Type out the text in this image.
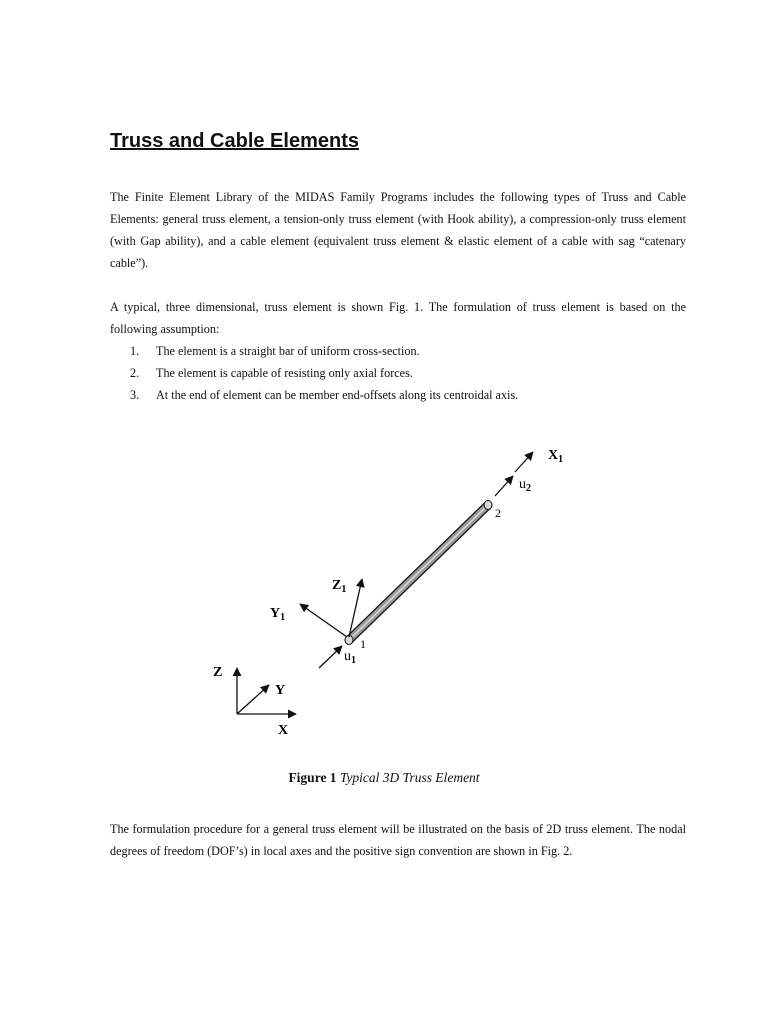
Truss and Cable Elements

The Finite Element Library of the MIDAS Family Programs includes the following types of Truss and Cable Elements: general truss element, a tension-only truss element (with Hook ability), a compression-only truss element (with Gap ability), and a cable element (equivalent truss element & elastic element of a cable with sag “catenary cable”).

A typical, three dimensional, truss element is shown Fig. 1. The formulation of truss element is based on the following assumption:

1. The element is a straight bar of uniform cross-section.
2. The element is capable of resisting only axial forces.
3. At the end of element can be member end-offsets along its centroidal axis.
$X_1$
$u_2$
2
$Z_1$
$Y_1$
1
$u_1$
Z
Y
X

Figure 1 Typical 3D Truss Element

The formulation procedure for a general truss element will be illustrated on the basis of 2D truss element. The nodal degrees of freedom (DOF’s) in local axes and the positive sign convention are shown in Fig. 2.
